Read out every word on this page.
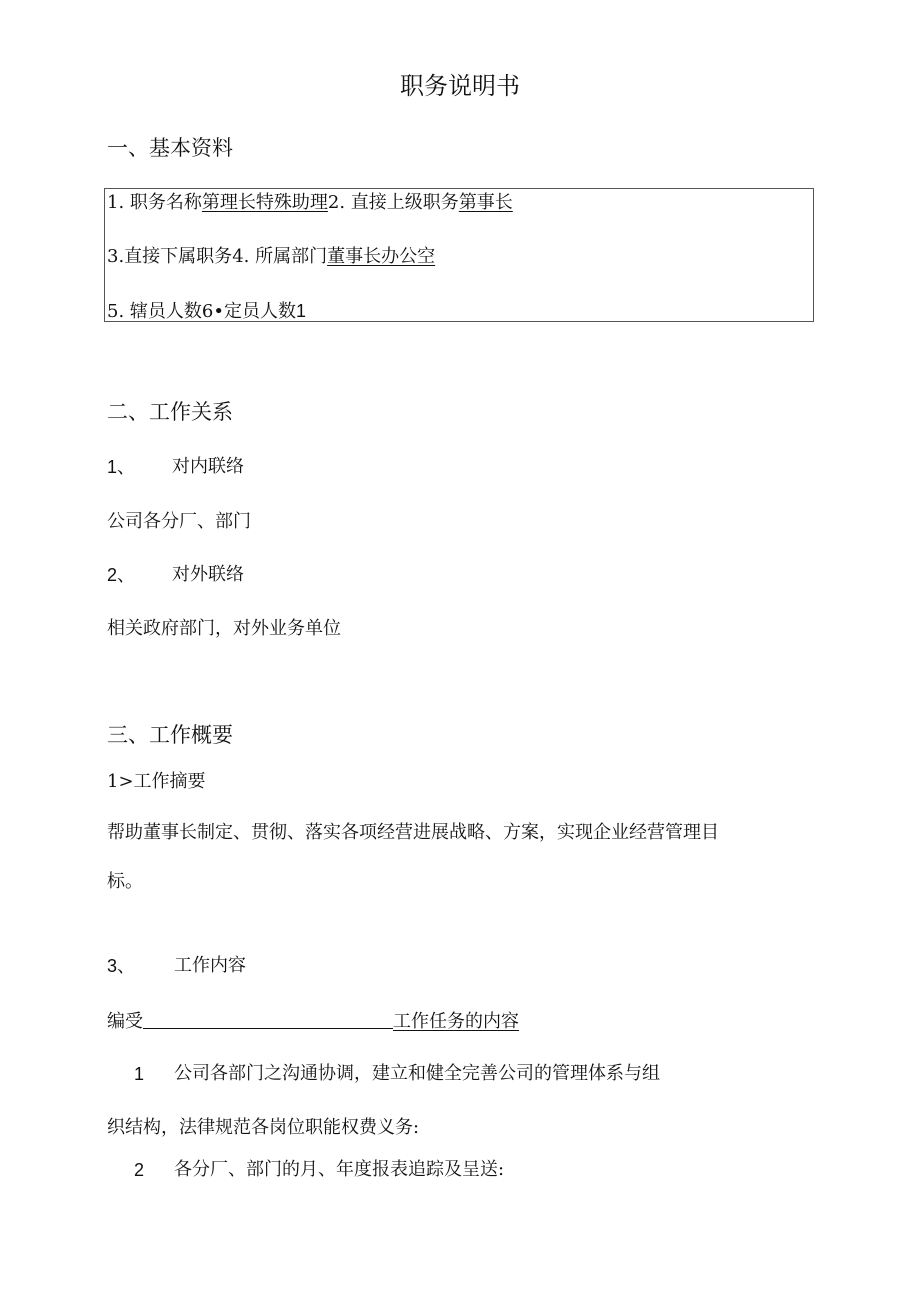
职务说明书
一、基本资料
1. 职务名称第理长特殊助理2. 直接上级职务第事长
3.直接下属职务4. 所属部门董事长办公空
5. 辖员人数6•定员人数1
二、工作关系
1、 对内联络
公司各分厂、部门
2、 对外联络
相关政府部门，对外业务单位
三、工作概要
1>工作摘要
帮助董事长制定、贯彻、落实各项经营进展战略、方案，实现企业经营管理目
标。
3、 工作内容
编受	工作任务的内容
1 公司各部门之沟通协调，建立和健全完善公司的管理体系与组
织结构，法律规范各岗位职能权费义务:
2 各分厂、部门的月、年度报表追踪及呈送:
